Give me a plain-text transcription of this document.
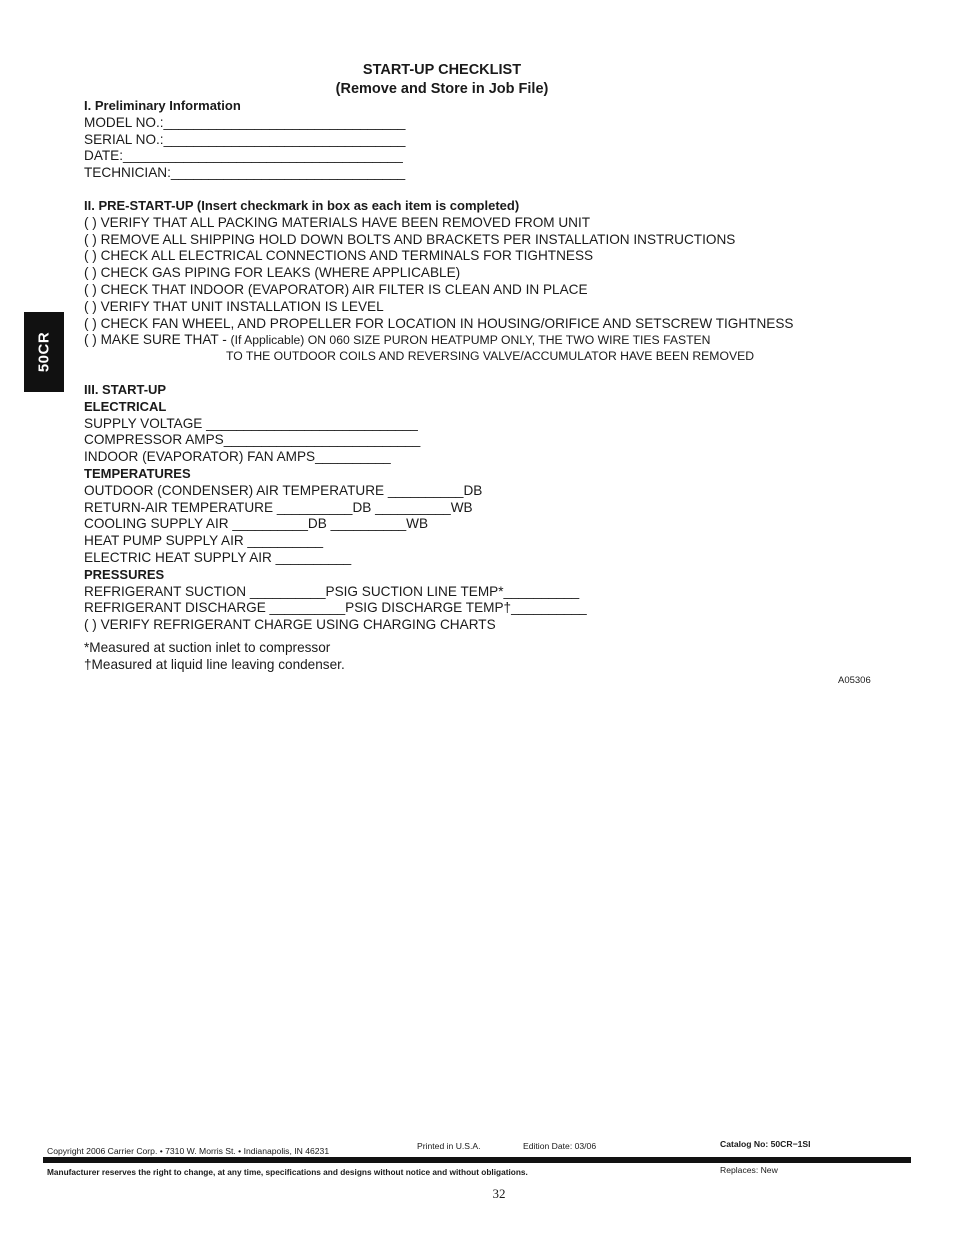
50CR
START-UP CHECKLIST
(Remove and Store in Job File)
I. Preliminary Information
MODEL NO.:________________________________
SERIAL NO.:________________________________
DATE:_____________________________________
TECHNICIAN:_______________________________
II. PRE-START-UP (Insert checkmark in box as each item is completed)
( ) VERIFY THAT ALL PACKING MATERIALS HAVE BEEN REMOVED FROM UNIT
( ) REMOVE ALL SHIPPING HOLD DOWN BOLTS AND BRACKETS PER INSTALLATION INSTRUCTIONS
( ) CHECK ALL ELECTRICAL CONNECTIONS AND TERMINALS FOR TIGHTNESS
( ) CHECK GAS PIPING FOR LEAKS (WHERE APPLICABLE)
( ) CHECK THAT INDOOR (EVAPORATOR) AIR FILTER IS CLEAN AND IN PLACE
( ) VERIFY THAT UNIT INSTALLATION IS LEVEL
( ) CHECK FAN WHEEL, AND PROPELLER FOR LOCATION IN HOUSING/ORIFICE AND SETSCREW TIGHTNESS
( ) MAKE SURE THAT - (If Applicable) ON 060 SIZE PURON HEATPUMP ONLY, THE TWO WIRE TIES FASTEN
TO THE OUTDOOR COILS AND REVERSING VALVE/ACCUMULATOR HAVE BEEN REMOVED
III. START-UP
ELECTRICAL
SUPPLY VOLTAGE ____________________________
COMPRESSOR AMPS__________________________
INDOOR (EVAPORATOR) FAN AMPS__________
TEMPERATURES
OUTDOOR (CONDENSER) AIR TEMPERATURE __________DB
RETURN-AIR TEMPERATURE __________DB __________WB
COOLING SUPPLY AIR __________DB __________WB
HEAT PUMP SUPPLY AIR __________
ELECTRIC HEAT SUPPLY AIR __________
PRESSURES
REFRIGERANT SUCTION __________PSIG SUCTION LINE TEMP*__________
REFRIGERANT DISCHARGE __________PSIG DISCHARGE TEMP†__________
( ) VERIFY REFRIGERANT CHARGE USING CHARGING CHARTS
*Measured at suction inlet to compressor
†Measured at liquid line leaving condenser.
A05306
Copyright 2006 Carrier Corp. • 7310 W. Morris St. • Indianapolis, IN 46231	Printed in U.S.A.	Edition Date: 03/06	Catalog No: 50CR−1SI
Manufacturer reserves the right to change, at any time, specifications and designs without notice and without obligations.	Replaces: New
32
